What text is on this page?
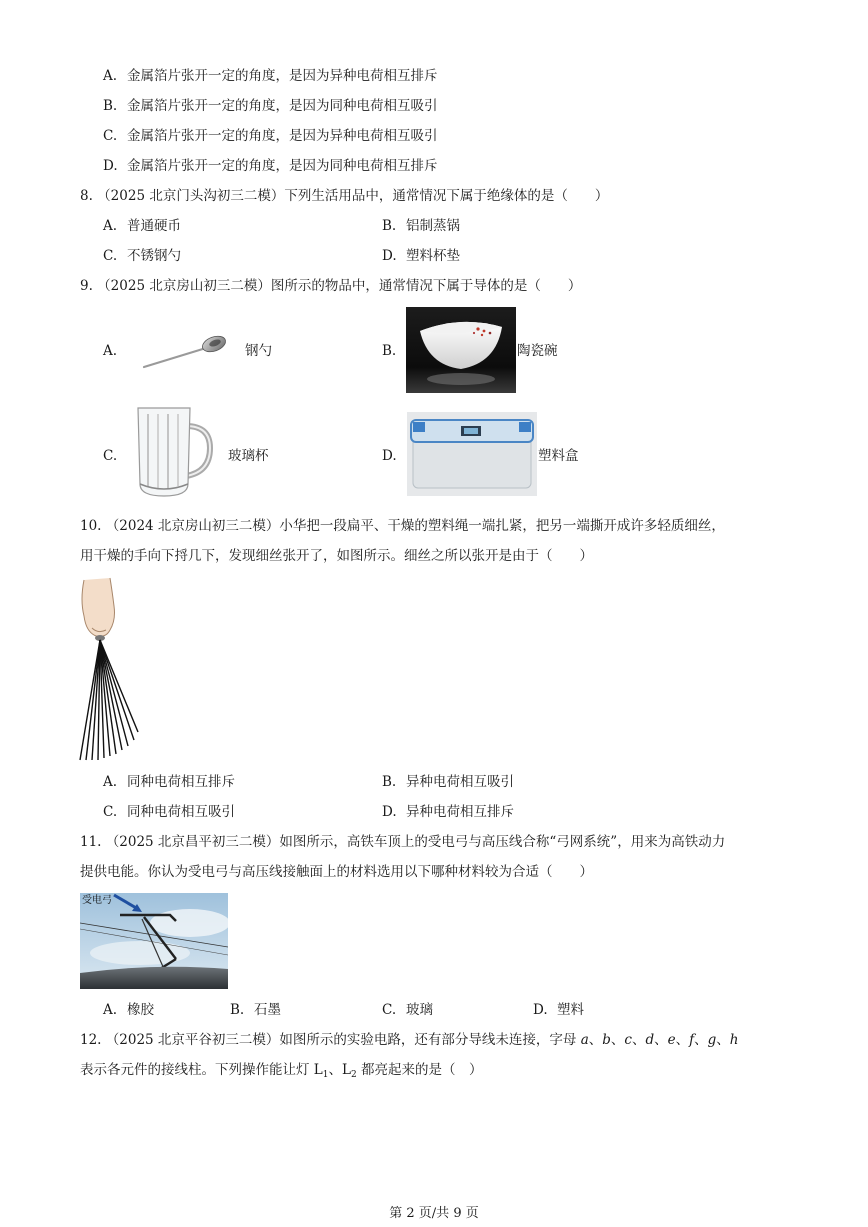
A. 金属箔片张开一定的角度，是因为异种电荷相互排斥
B. 金属箔片张开一定的角度，是因为同种电荷相互吸引
C. 金属箔片张开一定的角度，是因为异种电荷相互吸引
D. 金属箔片张开一定的角度，是因为同种电荷相互排斥
8. （2025 北京门头沟初三二模）下列生活用品中，通常情况下属于绝缘体的是（　　）
A. 普通硬币	B. 铝制蒸锅
C. 不锈钢勺	D. 塑料杯垫
9. （2025 北京房山初三二模）图所示的物品中，通常情况下属于导体的是（　　）
A.	钢勺	B.	陶瓷碗
C.	玻璃杯	D.	塑料盒
10. （2024 北京房山初三二模）小华把一段扁平、干燥的塑料绳一端扎紧，把另一端撕开成许多轻质细丝，
用干燥的手向下捋几下，发现细丝张开了，如图所示。细丝之所以张开是由于（　　）
A. 同种电荷相互排斥	B. 异种电荷相互吸引
C. 同种电荷相互吸引	D. 异种电荷相互排斥
11. （2025 北京昌平初三二模）如图所示，高铁车顶上的受电弓与高压线合称“弓网系统”，用来为高铁动力
提供电能。你认为受电弓与高压线接触面上的材料选用以下哪种材料较为合适（　　）
受电弓
A. 橡胶	B. 石墨	C. 玻璃	D. 塑料
12. （2025 北京平谷初三二模）如图所示的实验电路，还有部分导线未连接，字母 a、b、c、d、e、f、g、h
表示各元件的接线柱。下列操作能让灯 $L_1$、$L_2$ 都亮起来的是（　）
第 2 页/共 9 页
